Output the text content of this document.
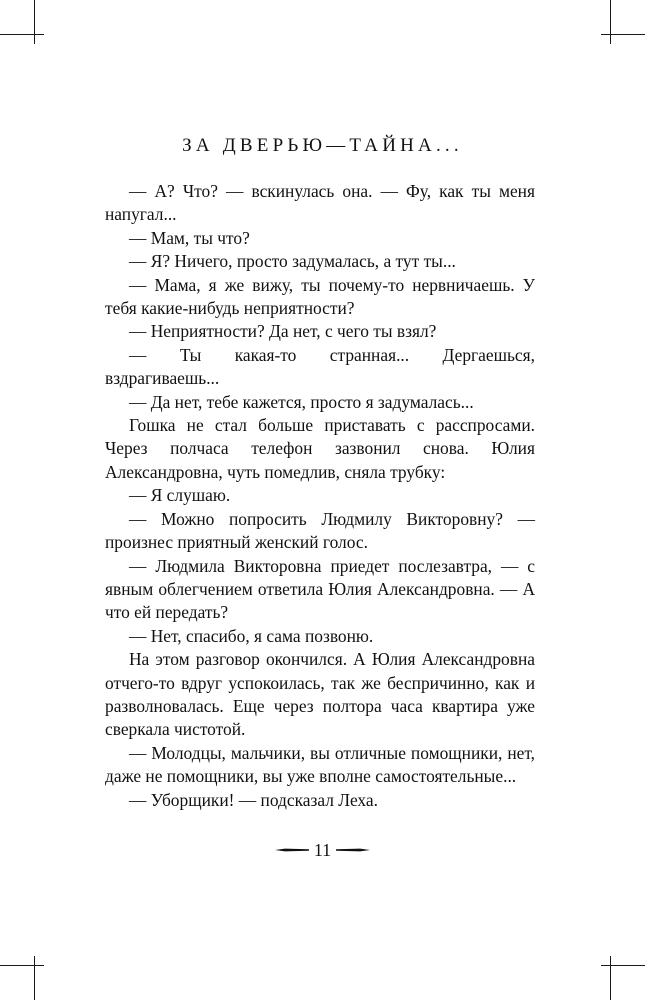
ЗА ДВЕРЬЮ—ТАЙНА...

— А? Что? — вскинулась она. — Фу, как ты меня напугал...

— Мам, ты что?

— Я? Ничего, просто задумалась, а тут ты...

— Мама, я же вижу, ты почему-то нервничаешь. У тебя какие-нибудь неприятности?

— Неприятности? Да нет, с чего ты взял?

— Ты какая-то странная... Дергаешься, вздрагиваешь...

— Да нет, тебе кажется, просто я задумалась...

Гошка не стал больше приставать с расспросами. Через полчаса телефон зазвонил снова. Юлия Александровна, чуть помедлив, сняла трубку:

— Я слушаю.

— Можно попросить Людмилу Викторовну? — произнес приятный женский голос.

— Людмила Викторовна приедет послезавтра, — с явным облегчением ответила Юлия Александровна. — А что ей передать?

— Нет, спасибо, я сама позвоню.

На этом разговор окончился. А Юлия Александровна отчего-то вдруг успокоилась, так же беспричинно, как и разволновалась. Еще через полтора часа квартира уже сверкала чистотой.

— Молодцы, мальчики, вы отличные помощники, нет, даже не помощники, вы уже вполне самостоятельные...

— Уборщики! — подсказал Леха.

11
